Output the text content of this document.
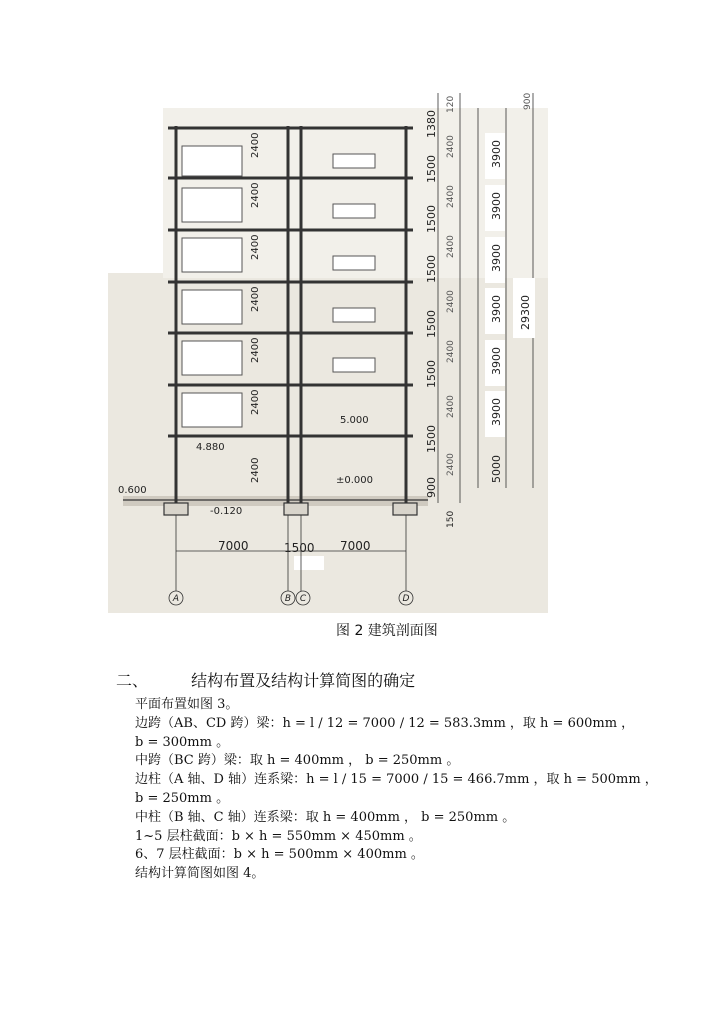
2400
2400
2400
2400
2400
2400
2400
900
1500
1500
1500
1500
1500
1500
1380
2400
2400
2400
2400
2400
2400
2400
120	900
3900
3900
3900
3900
3900
3900
29300
5000
150
0.600
-0.120
±0.000
4.880
5.000
7000	1500 7000
A	B C	D
图 2 建筑剖面图
二、	结构布置及结构计算简图的确定

平面布置如图 3。

边跨（AB、CD 跨）梁：h = l / 12 = 7000 / 12 = 583.3mm ，取 h = 600mm ，

b = 300mm 。

中跨（BC 跨）梁：取 h = 400mm ， b = 250mm 。

边柱（A 轴、D 轴）连系梁：h = l / 15 = 7000 / 15 = 466.7mm ，取 h = 500mm ，

b = 250mm 。

中柱（B 轴、C 轴）连系梁：取 h = 400mm ， b = 250mm 。

1~5 层柱截面：b × h = 550mm × 450mm 。

6、7 层柱截面：b × h = 500mm × 400mm 。

结构计算简图如图 4。
